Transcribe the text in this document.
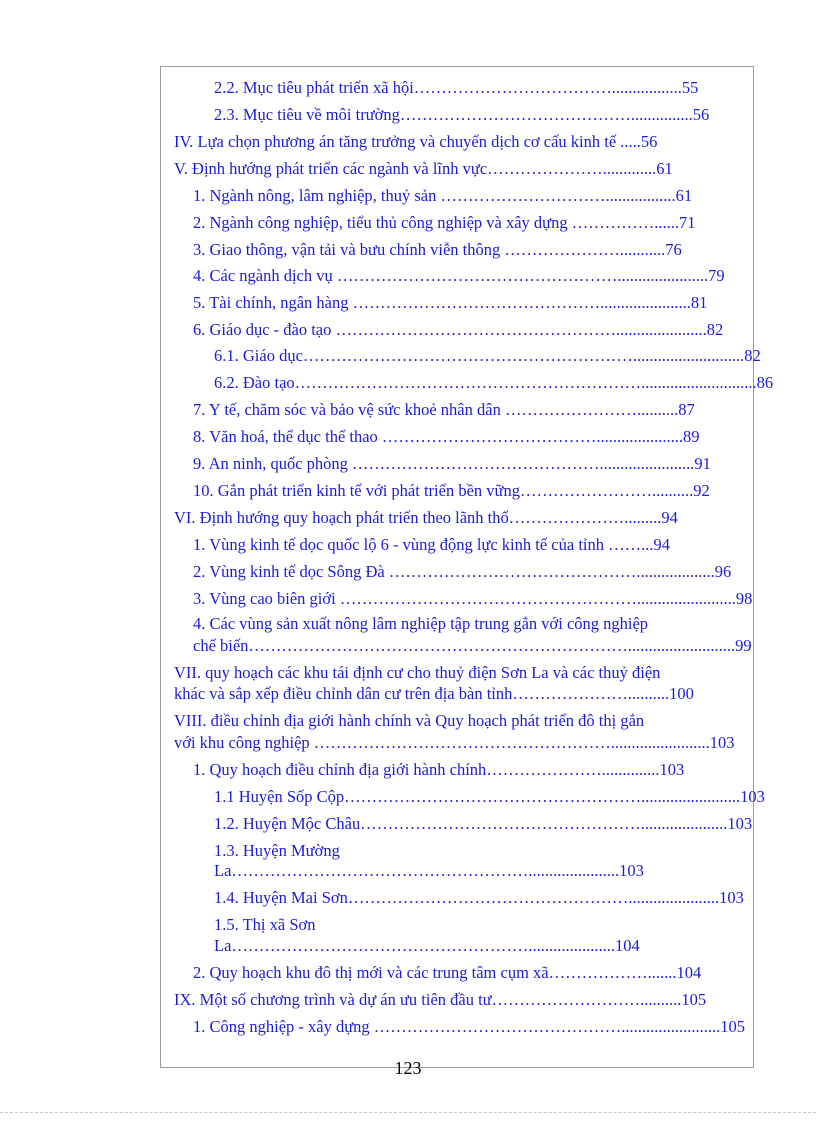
2.2. Mục tiêu phát triển xã hội……………………………….................55
2.3. Mục tiêu về môi trường……………………………………...............56
IV. Lựa chọn phương án tăng trưởng và chuyển dịch cơ cấu kinh tế .....56
V. Định hướng phát triển các ngành và lĩnh vực………………….............61
1. Ngành nông, lâm nghiệp, thuỷ sản ………………………….................61
2. Ngành công nghiệp, tiểu thủ công nghiệp và xây dựng ……………......71
3. Giao thông, vận tải và bưu chính viễn thông …………………...........76
4. Các ngành dịch vụ ……………………………………………......................79
5. Tài chính, ngân hàng ………………………………………......................81
6. Giáo dục - đào tạo ……………………………………………......................82
6.1. Giáo dục……………………………………………………...........................82
6.2. Đào tạo………………………………………………………............................86
7. Y tế, chăm sóc và bảo vệ sức khoẻ nhân dân ……………………..........87
8. Văn hoá, thể dục thể thao ………………………………….....................89
9. An ninh, quốc phòng ……………………………………….......................91
10. Gắn phát triển kinh tế với phát triển bền vững……………………..........92
VI. Định hướng quy hoạch phát triển theo lãnh thổ………………….........94
1. Vùng kinh tế dọc quốc lộ 6 - vùng động lực kinh tế của tỉnh ……...94
2. Vùng kinh tế dọc Sông Đà ………………………………………...................96
3. Vùng cao biên giới ………………………………………………........................98
4. Các vùng sản xuất nông lâm nghiệp tập trung gắn với công nghiệp
chế biến……………………………………………………………..........................99
VII. quy hoạch các khu tái định cư cho thuỷ điện Sơn La và các thuỷ điện
khác và sắp xếp điều chỉnh dân cư trên địa bàn tỉnh…………………..........100
VIII. điều chỉnh địa giới hành chính và Quy hoạch phát triển đô thị gắn
với khu công nghiệp ………………………………………………........................103
1. Quy hoạch điều chỉnh địa giới hành chính…………………..............103
1.1 Huyện Sốp Cộp………………………………………………........................103
1.2. Huyện Mộc Châu…………………………………………….....................103
1.3. Huyện Mường
La………………………………………………......................103
1.4. Huyện Mai Sơn……………………………………………......................103
1.5. Thị xã Sơn
La……………………………………………….....................104
2. Quy hoạch khu đô thị mới và các trung tâm cụm xã……………….......104
IX. Một số chương trình và dự án ưu tiên đầu tư………………………..........105
1. Công nghiệp - xây dựng ………………………………………........................105
123
